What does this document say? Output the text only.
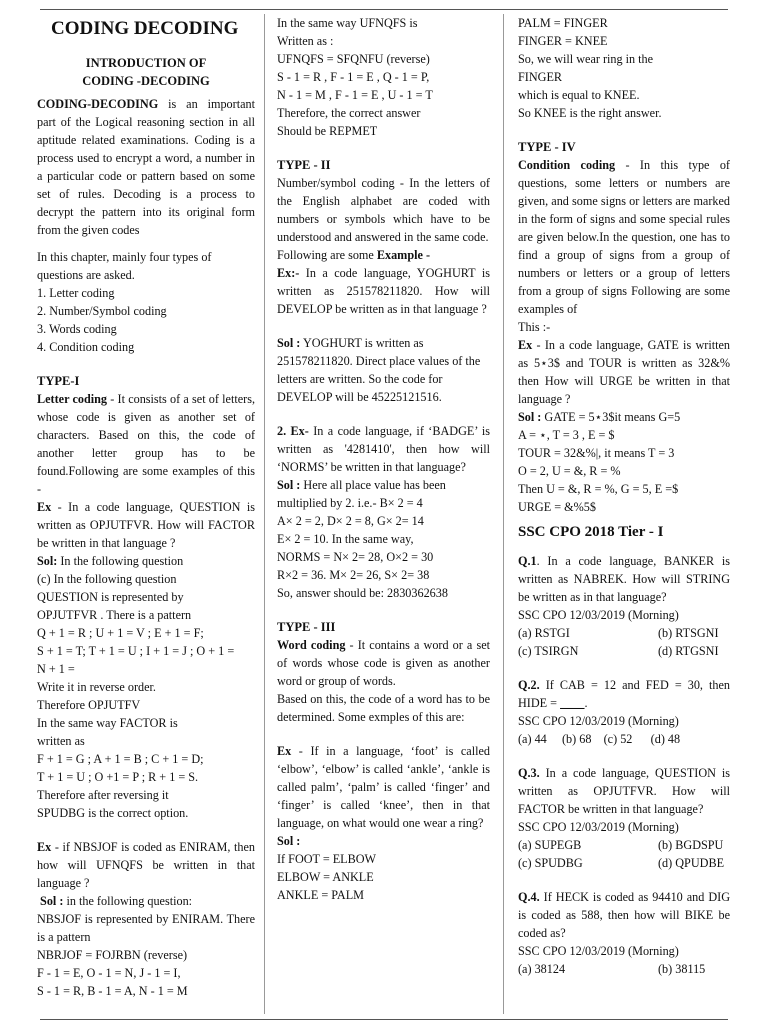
CODING DECODING
INTRODUCTION OF
CODING -DECODING

CODING-DECODING is an important part of the Logical reasoning section in all aptitude related examinations. Coding is a process used to encrypt a word, a number in a particular code or pattern based on some set of rules. Decoding is a process to decrypt the pattern into its original form from the given codes

In this chapter, mainly four types of questions are asked.

1. Letter coding

2. Number/Symbol coding

3. Words coding

4. Condition coding

TYPE-I

Letter coding - It consists of a set of letters, whose code is given as another set of characters. Based on this, the code of another letter group has to be found.Following are some examples of this -

Ex - In a code language, QUESTION is written as OPJUTFVR. How will FACTOR be written in that language ?

Sol: In the following question

(c) In the following question

QUESTION is represented by

OPJUTFVR . There is a pattern

Q + 1 = R ; U + 1 = V ; E + 1 = F;

S + 1 = T; T + 1 = U ; I + 1 = J ; O + 1 =

N + 1 =

Write it in reverse order.

Therefore OPJUTFV

In the same way FACTOR is

written as

F + 1 = G ; A + 1 = B ; C + 1 = D;

T + 1 = U ; O +1 = P ; R + 1 = S.

Therefore after reversing it

SPUDBG is the correct option.

Ex - if NBSJOF is coded as ENIRAM, then how will UFNQFS be written in that language ?

Sol : in the following question:

NBSJOF is represented by ENIRAM. There is a pattern

NBRJOF = FOJRBN (reverse)

F - 1 = E, O - 1 = N, J - 1 = I,

S - 1 = R, B - 1 = A, N - 1 = M

In the same way UFNQFS is

Written as :

UFNQFS = SFQNFU (reverse)

S - 1 = R , F - 1 = E , Q - 1 = P,

N - 1 = M , F - 1 = E , U - 1 = T

Therefore, the correct answer

Should be REPMET

TYPE - II

Number/symbol coding - In the letters of the English alphabet are coded with numbers or symbols which have to be understood and answered in the same code.

Following are some Example -

Ex:- In a code language, YOGHURT is written as 251578211820. How will DEVELOP be written as in that language ?

Sol : YOGHURT is written as

251578211820. Direct place values of the letters are written. So the code for DEVELOP will be 45225121516.

2. Ex- In a code language, if ‘BADGE’ is written as '4281410', then how will ‘NORMS’ be written in that language?

Sol : Here all place value has been multiplied by 2. i.e.- B× 2 = 4

A× 2 = 2, D× 2 = 8, G× 2= 14

E× 2 = 10. In the same way,

NORMS = N× 2= 28, O×2 = 30

R×2 = 36. M× 2= 26, S× 2= 38

So, answer should be: 2830362638

TYPE - III

Word coding - It contains a word or a set of words whose code is given as another word or group of words.

Based on this, the code of a word has to be determined. Some exmples of this are:

Ex - If in a language, ‘foot’ is called ‘elbow’, ‘elbow’ is called ‘ankle’, ‘ankle is called palm’, ‘palm’ is called ‘finger’ and ‘finger’ is called ‘knee’, then in that language, on what would one wear a ring?

Sol :

If FOOT = ELBOW

ELBOW = ANKLE

ANKLE = PALM

PALM = FINGER

FINGER = KNEE

So, we will wear ring in the

FINGER

which is equal to KNEE.

So KNEE is the right answer.

TYPE - IV

Condition coding - In this type of questions, some letters or numbers are given, and some signs or letters are marked in the form of signs and some special rules are given below.In the question, one has to find a group of signs from a group of numbers or letters or a group of letters from a group of signs Following are some examples of

This :-

Ex - In a code language, GATE is written as 5⋆3$ and TOUR is written as 32&% then How will URGE be written in that language ?

Sol : GATE = 5⋆3$it means G=5

A = ⋆, T = 3 , E = $

TOUR = 32&%|, it means T = 3

O = 2, U = &, R = %

Then U = &, R = %, G = 5, E =$

URGE = &%5$

SSC CPO 2018 Tier - I

Q.1. In a code language, BANKER is written as NABREK. How will STRING be written as in that language?

SSC CPO 12/03/2019 (Morning)

(a) RSTGI	(b) RTSGNI
(c) TSIRGN	(d) RTGSNI

Q.2. If CAB = 12 and FED = 30, then HIDE = ____.

SSC CPO 12/03/2019 (Morning)

(a) 44     (b) 68    (c) 52      (d) 48

Q.3. In a code language, QUESTION is written as OPJUTFVR. How will FACTOR be written in that language?

SSC CPO 12/03/2019 (Morning)

(a) SUPEGB	(b) BGDSPU
(c) SPUDBG	(d) QPUDBE

Q.4. If HECK is coded as 94410 and DIG is coded as 588, then how will BIKE be coded as?

SSC CPO 12/03/2019 (Morning)

(a) 38124	(b) 38115
